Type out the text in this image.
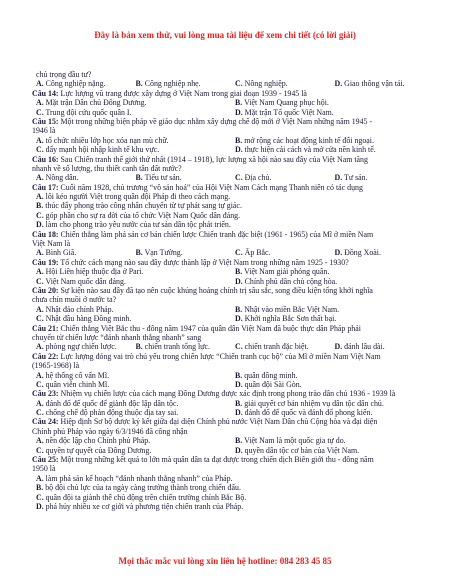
Đây là bản xem thử, vui lòng mua tài liệu để xem chi tiết (có lời giải)
chủ trọng đầu tư?
A. Công nghiệp nặng.	B. Công nghiệp nhẹ.	C. Nông nghiệp.	D. Giao thông vận tải.
Câu 14: Lực lượng vũ trang được xây dựng ở Việt Nam trong giai đoạn 1939 - 1945 là
A. Mặt trận Dân chủ Đông Dương.	B. Việt Nam Quang phục hội.
C. Trung đội cứu quốc quân I.	D. Mặt trận Tổ quốc Việt Nam.
Câu 15: Một trong những biện pháp về giáo dục nhằm xây dựng chế độ mới ở Việt Nam những năm 1945 -
1946 là
A. tổ chức nhiều lớp học xóa nạn mù chữ.	B. mở rộng các hoạt động kinh tế đối ngoại.
C. đẩy mạnh hội nhập kinh tế khu vực.	D. thực hiện cải cách và mở cửa nền kinh tế.
Câu 16: Sau Chiến tranh thế giới thứ nhất (1914 – 1918), lực lượng xã hội nào sau đây của Việt Nam tăng
nhanh về số lượng, thu thiết canh tân đất nước?
A. Nông dân.	B. Tiểu tư sản.	C. Địa chủ.	D. Tư sản.
Câu 17: Cuối năm 1928, chủ trương “vô sản hoá” của Hội Việt Nam Cách mạng Thanh niên có tác dụng
A. lôi kéo người Việt trong quân đội Pháp đi theo cách mạng.
B. thúc đẩy phong trào công nhân chuyển từ tự phát sang tự giác.
C. góp phần cho sự ra đời của tổ chức Việt Nam Quốc dân đảng.
D. làm cho phong trào yêu nước của tư sản dân tộc phát triển.
Câu 18: Chiến thắng làm phá sản cơ bản chiến lược Chiến tranh đặc biệt (1961 - 1965) của Mĩ ở miền Nam
Việt Nam là
A. Bình Giã.	B. Vạn Tường.	C. Ấp Bắc.	D. Đồng Xoài.
Câu 19: Tổ chức cách mạng nào sau đây được thành lập ở Việt Nam trong những năm 1925 - 1930?
A. Hội Liên hiệp thuộc địa ở Pari.	B. Việt Nam giải phóng quân.
C. Việt Nam quốc dân đảng.	D. Chính phủ dân chủ cộng hòa.
Câu 20: Sự kiện nào sau đây đã tạo nên cuộc khủng hoảng chính trị sâu sắc, song điều kiện tổng khởi nghĩa
chưa chín muồi ở nước ta?
A. Nhật đảo chính Pháp.	B. Nhật vào miền Bắc Việt Nam.
C. Nhật đầu hàng Đồng minh.	D. Khởi nghĩa Bắc Sơn thất bại.
Câu 21: Chiến thắng Việt Bắc thu - đông năm 1947 của quân dân Việt Nam đã buộc thực dân Pháp phải
chuyển từ chiến lược “đánh nhanh thắng nhanh” sang
A. phòng ngự chiến lược.	B. chiến tranh tổng lực.	C. chiến tranh đặc biệt.	D. đánh lâu dài.
Câu 22: Lực lượng đóng vai trò chủ yếu trong chiến lược “Chiến tranh cục bộ” của Mĩ ở miền Nam Việt Nam
(1965-1968) là
A. hệ thống cố vấn Mĩ.	B. quân đồng minh.
C. quân viễn chinh Mĩ.	D. quân đội Sài Gòn.
Câu 23: Nhiệm vụ chiến lược của cách mạng Đông Dương được xác định trong phong trào dân chủ 1936 - 1939 là
A. đánh đổ đế quốc để giành độc lập dân tộc.	B. giải quyết cơ bản nhiệm vụ dân tộc dân chủ.
C. chống chế độ phản động thuộc địa tay sai.	D. đánh đổ đế quốc và đánh đổ phong kiến.
Câu 24: Hiệp định Sơ bộ được ký kết giữa đại diện Chính phủ nước Việt Nam Dân chủ Cộng hòa và đại diện
Chính phủ Pháp vào ngày 6/3/1946 đã công nhận
A. nền độc lập cho Chính phủ Pháp.	B. Việt Nam là một quốc gia tự do.
C. quyền tự quyết của Đông Dương.	D. quyền dân tộc cơ bản của Việt Nam.
Câu 25: Một trong những kết quả to lớn mà quân dân ta đạt được trong chiến dịch Biên giới thu - đông năm
1950 là
A. làm phá sản kế hoạch “đánh nhanh thắng nhanh” của Pháp.
B. bộ đội chủ lực của ta ngày càng trưởng thành trong chiến đấu.
C. quân đội ta giành thế chủ động trên chiến trường chính Bắc Bộ.
D. phá hủy nhiều xe cơ giới và phương tiện chiến tranh của Pháp.
Mọi thắc mắc vui lòng xin liên hệ hotline: 084 283 45 85
